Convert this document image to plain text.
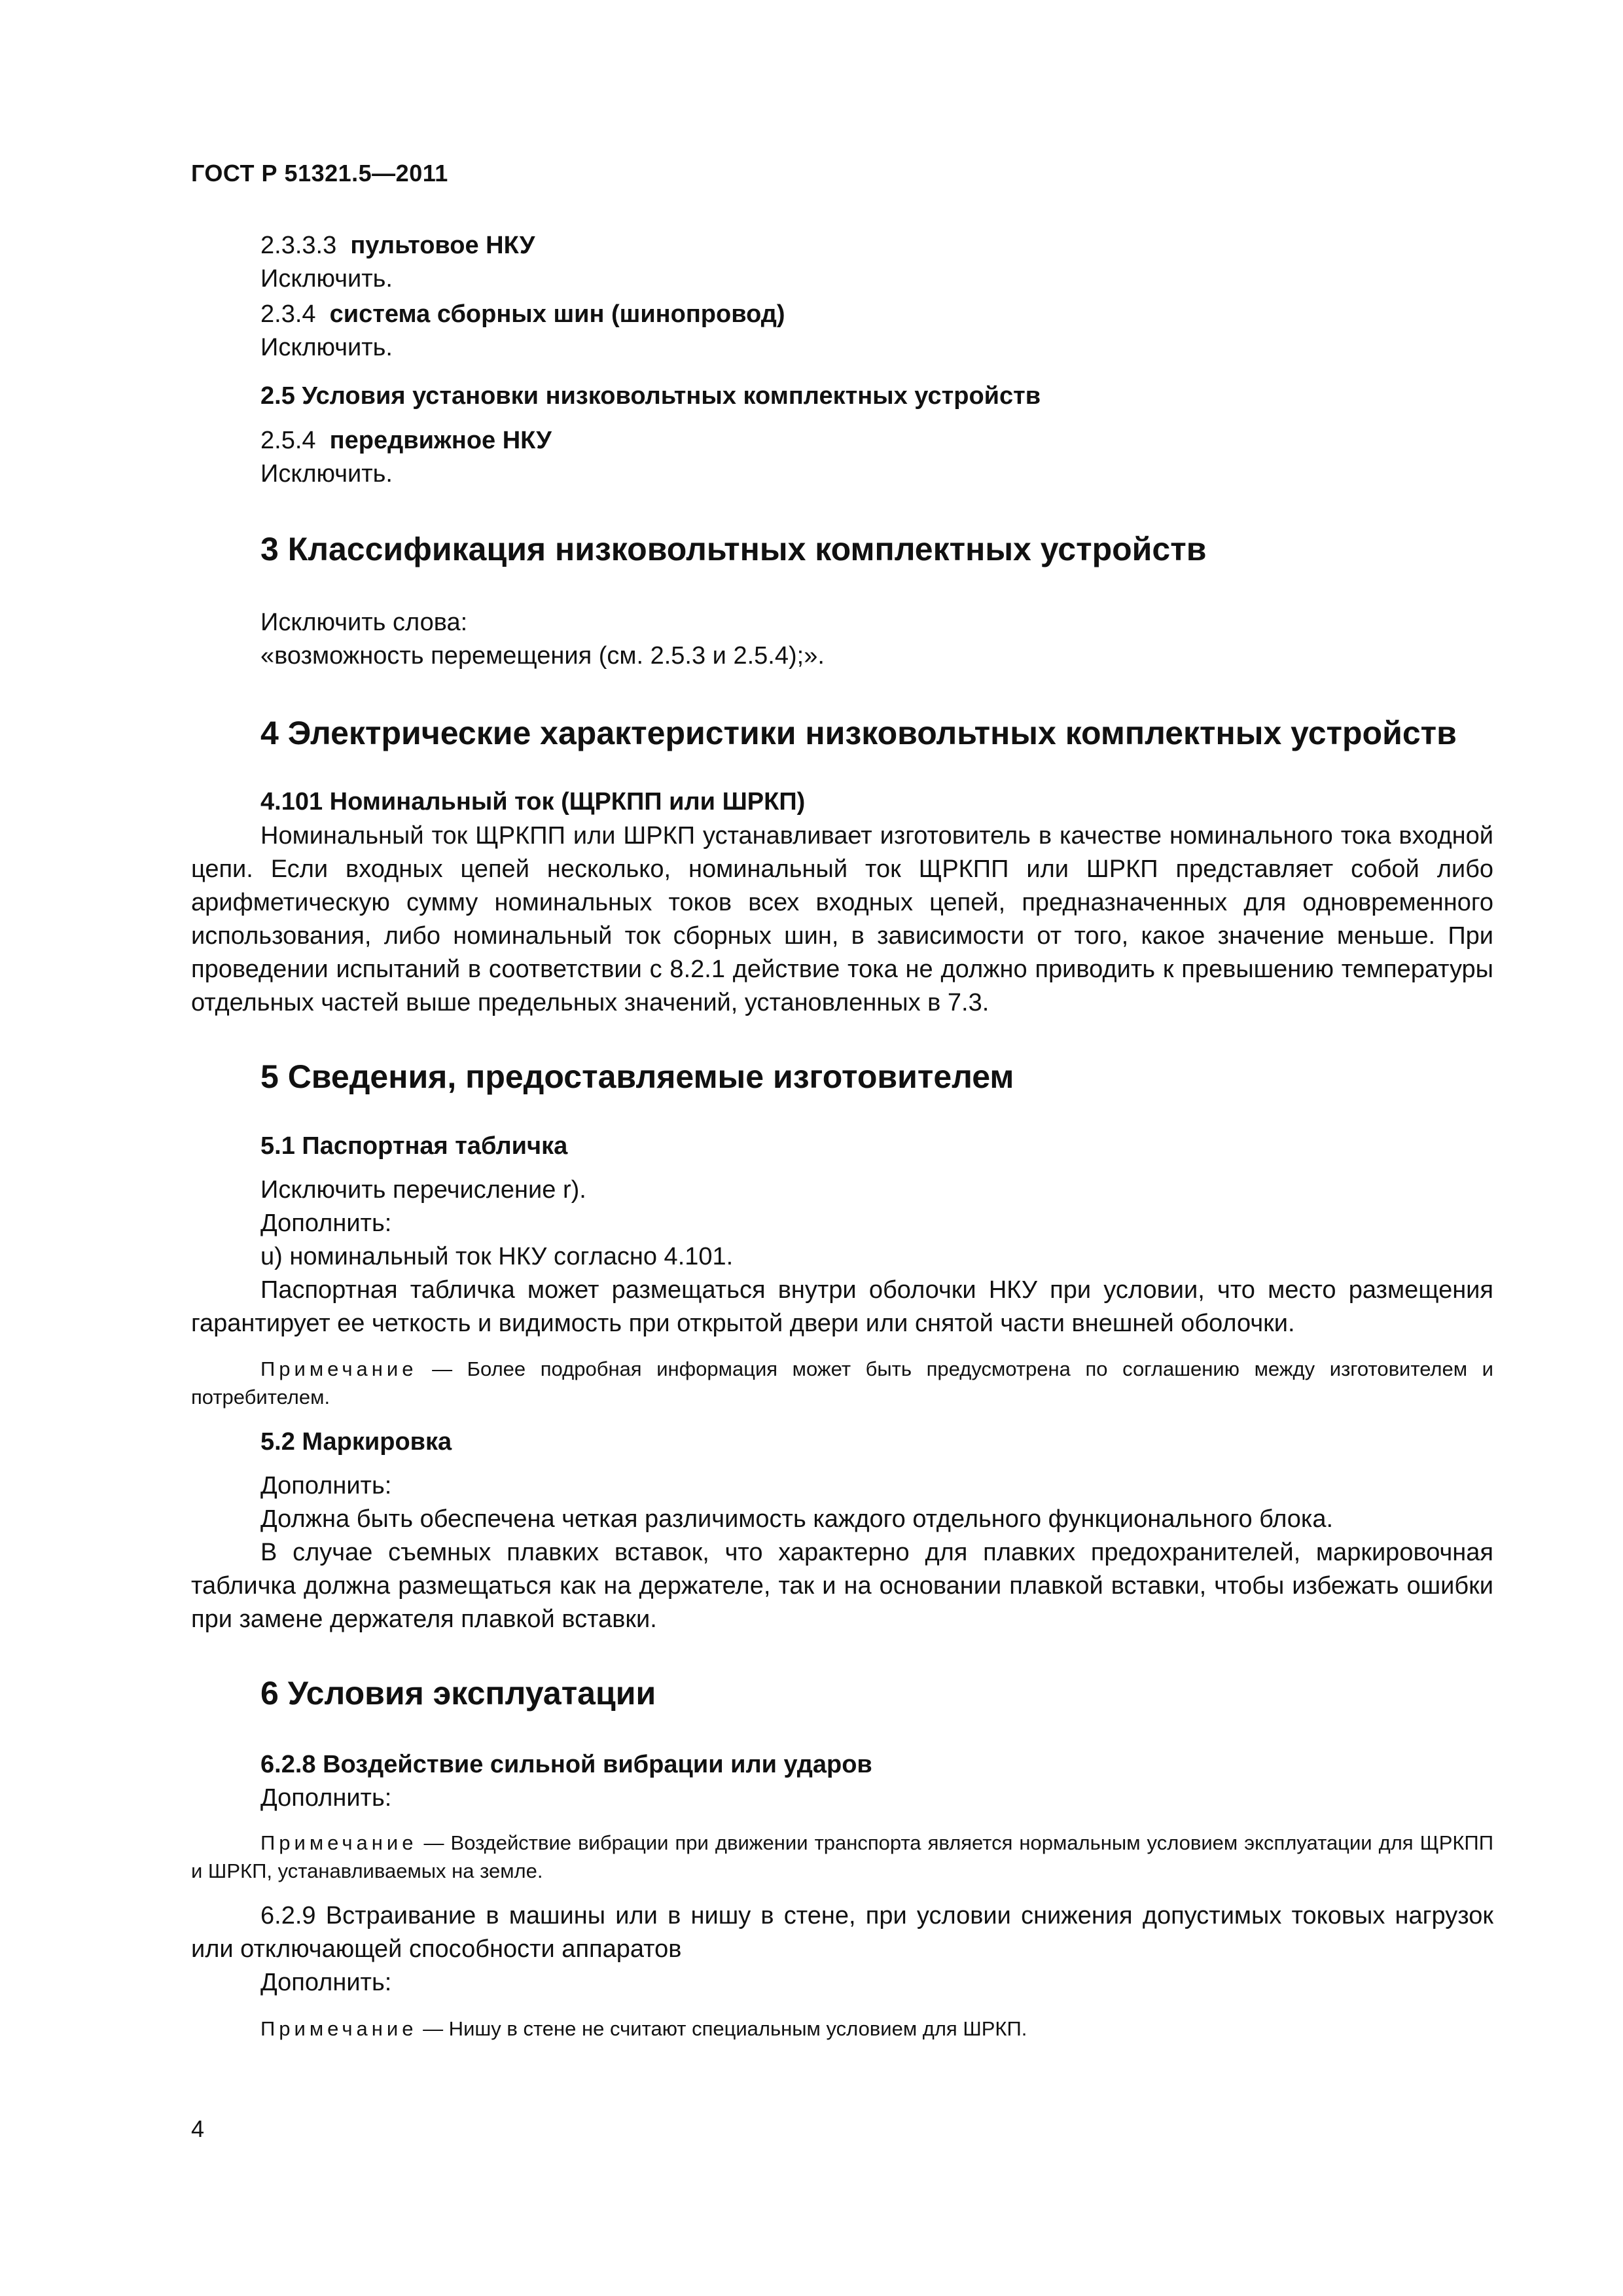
ГОСТ Р 51321.5—2011
2.3.3.3 пультовое НКУ
Исключить.
2.3.4 система сборных шин (шинопровод)
Исключить.
2.5 Условия установки низковольтных комплектных устройств
2.5.4 передвижное НКУ
Исключить.
3 Классификация низковольтных комплектных устройств
Исключить слова:
«возможность перемещения (см. 2.5.3 и 2.5.4);».
4 Электрические характеристики низковольтных комплектных устройств
4.101 Номинальный ток (ЩРКПП или ШРКП)
Номинальный ток ЩРКПП или ШРКП устанавливает изготовитель в качестве номинального тока входной цепи. Если входных цепей несколько, номинальный ток ЩРКПП или ШРКП представляет собой либо арифметическую сумму номинальных токов всех входных цепей, предназначенных для одновременного использования, либо номинальный ток сборных шин, в зависимости от того, какое значение меньше. При проведении испытаний в соответствии с 8.2.1 действие тока не должно приводить к превышению температуры отдельных частей выше предельных значений, установленных в 7.3.
5 Сведения, предоставляемые изготовителем
5.1 Паспортная табличка
Исключить перечисление r).
Дополнить:
u) номинальный ток НКУ согласно 4.101.
Паспортная табличка может размещаться внутри оболочки НКУ при условии, что место размещения гарантирует ее четкость и видимость при открытой двери или снятой части внешней оболочки.
Примечание — Более подробная информация может быть предусмотрена по соглашению между изготовителем и потребителем.
5.2 Маркировка
Дополнить:
Должна быть обеспечена четкая различимость каждого отдельного функционального блока.
В случае съемных плавких вставок, что характерно для плавких предохранителей, маркировочная табличка должна размещаться как на держателе, так и на основании плавкой вставки, чтобы избежать ошибки при замене держателя плавкой вставки.
6 Условия эксплуатации
6.2.8 Воздействие сильной вибрации или ударов
Дополнить:
Примечание — Воздействие вибрации при движении транспорта является нормальным условием эксплуатации для ЩРКПП и ШРКП, устанавливаемых на земле.
6.2.9 Встраивание в машины или в нишу в стене, при условии снижения допустимых токовых нагрузок или отключающей способности аппаратов
Дополнить:
Примечание — Нишу в стене не считают специальным условием для ШРКП.
4
